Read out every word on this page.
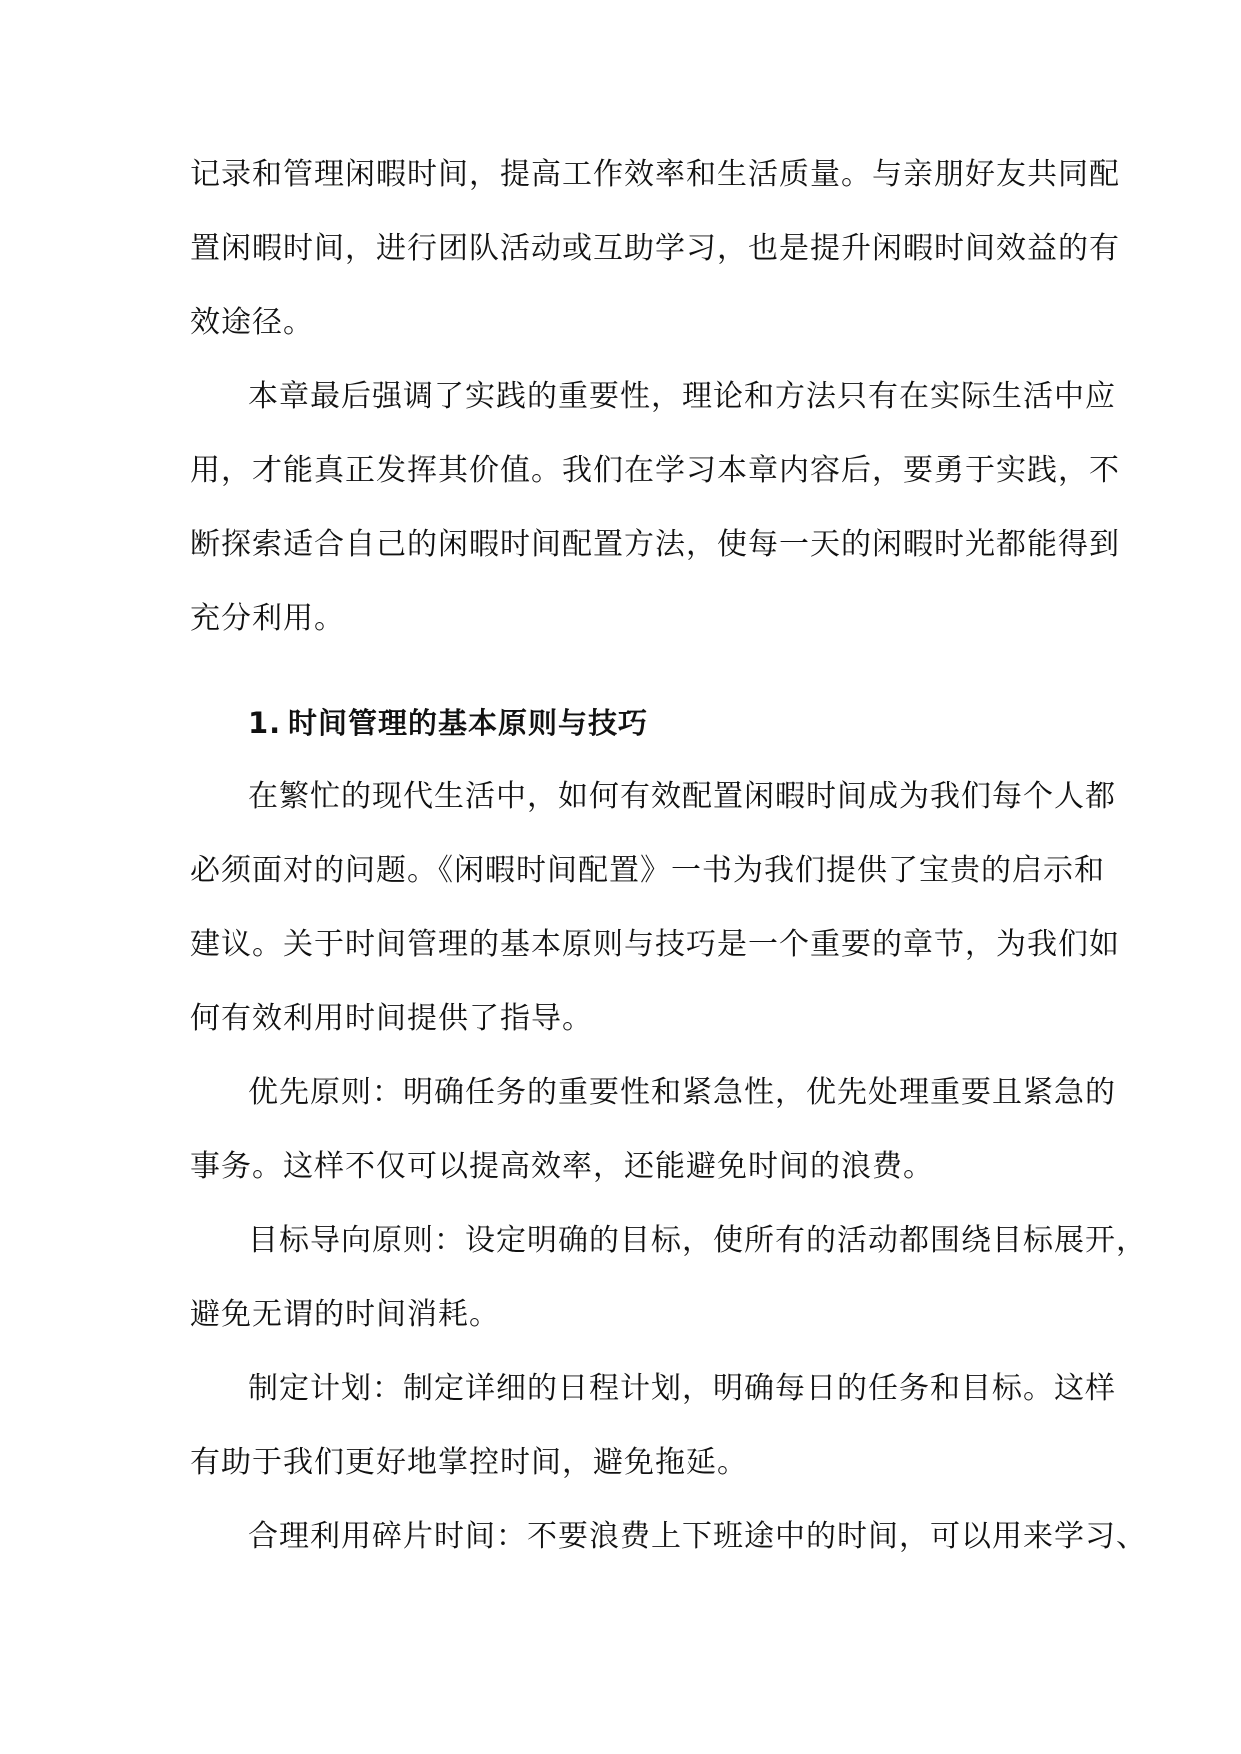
记录和管理闲暇时间，提高工作效率和生活质量。与亲朋好友共同配
置闲暇时间，进行团队活动或互助学习，也是提升闲暇时间效益的有
效途径。
本章最后强调了实践的重要性，理论和方法只有在实际生活中应
用，才能真正发挥其价值。我们在学习本章内容后，要勇于实践，不
断探索适合自己的闲暇时间配置方法，使每一天的闲暇时光都能得到
充分利用。
1. 时间管理的基本原则与技巧
在繁忙的现代生活中，如何有效配置闲暇时间成为我们每个人都
必须面对的问题。《闲暇时间配置》一书为我们提供了宝贵的启示和
建议。关于时间管理的基本原则与技巧是一个重要的章节，为我们如
何有效利用时间提供了指导。
优先原则：明确任务的重要性和紧急性，优先处理重要且紧急的
事务。这样不仅可以提高效率，还能避免时间的浪费。
目标导向原则：设定明确的目标，使所有的活动都围绕目标展开，
避免无谓的时间消耗。
制定计划：制定详细的日程计划，明确每日的任务和目标。这样
有助于我们更好地掌控时间，避免拖延。
合理利用碎片时间：不要浪费上下班途中的时间，可以用来学习、
